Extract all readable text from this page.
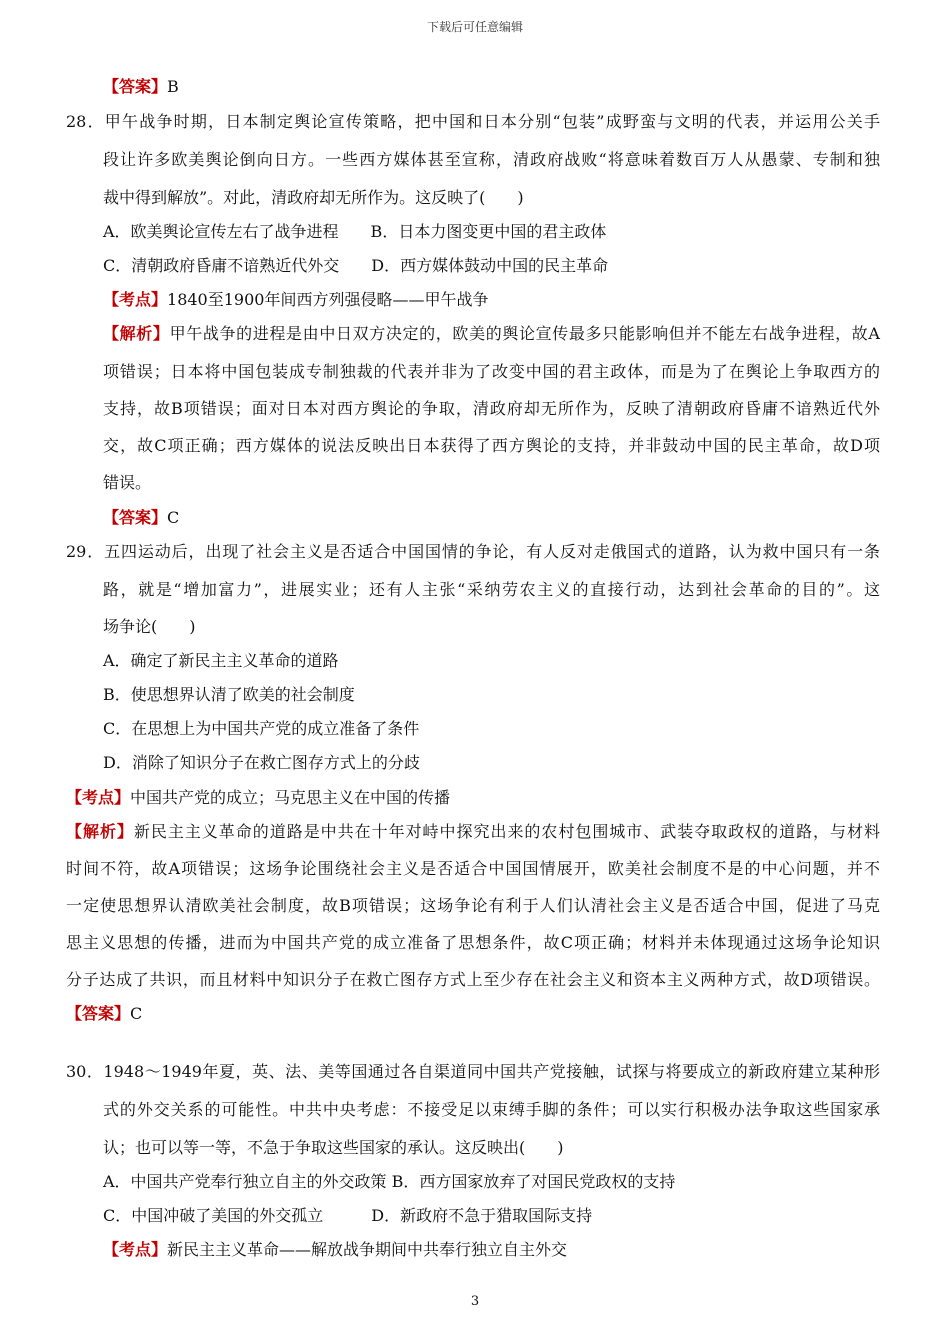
下载后可任意编辑
【答案】B
28．甲午战争时期，日本制定舆论宣传策略，把中国和日本分别“包装”成野蛮与文明的代表，并运用公关手
段让许多欧美舆论倒向日方。一些西方媒体甚至宣称，清政府战败“将意味着数百万人从愚蒙、专制和独
裁中得到解放”。对此，清政府却无所作为。这反映了(　　)
A．欧美舆论宣传左右了战争进程　　B．日本力图变更中国的君主政体
C．清朝政府昏庸不谙熟近代外交　　D．西方媒体鼓动中国的民主革命
【考点】1840至1900年间西方列强侵略——甲午战争
【解析】甲午战争的进程是由中日双方决定的，欧美的舆论宣传最多只能影响但并不能左右战争进程，故A
项错误；日本将中国包装成专制独裁的代表并非为了改变中国的君主政体，而是为了在舆论上争取西方的
支持，故B项错误；面对日本对西方舆论的争取，清政府却无所作为，反映了清朝政府昏庸不谙熟近代外
交，故C项正确；西方媒体的说法反映出日本获得了西方舆论的支持，并非鼓动中国的民主革命，故D项
错误。
【答案】C
29．五四运动后，出现了社会主义是否适合中国国情的争论，有人反对走俄国式的道路，认为救中国只有一条
路，就是“增加富力”，进展实业；还有人主张“采纳劳农主义的直接行动，达到社会革命的目的”。这
场争论(　　)
A．确定了新民主主义革命的道路
B．使思想界认清了欧美的社会制度
C．在思想上为中国共产党的成立准备了条件
D．消除了知识分子在救亡图存方式上的分歧
【考点】中国共产党的成立；马克思主义在中国的传播
【解析】新民主主义革命的道路是中共在十年对峙中探究出来的农村包围城市、武装夺取政权的道路，与材料
时间不符，故A项错误；这场争论围绕社会主义是否适合中国国情展开，欧美社会制度不是的中心问题，并不
一定使思想界认清欧美社会制度，故B项错误；这场争论有利于人们认清社会主义是否适合中国，促进了马克
思主义思想的传播，进而为中国共产党的成立准备了思想条件，故C项正确；材料并未体现通过这场争论知识
分子达成了共识，而且材料中知识分子在救亡图存方式上至少存在社会主义和资本主义两种方式，故D项错误。
【答案】C
30．1948～1949年夏，英、法、美等国通过各自渠道同中国共产党接触，试探与将要成立的新政府建立某种形
式的外交关系的可能性。中共中央考虑：不接受足以束缚手脚的条件；可以实行积极办法争取这些国家承
认；也可以等一等，不急于争取这些国家的承认。这反映出(　　)
A．中国共产党奉行独立自主的外交政策 B．西方国家放弃了对国民党政权的支持
C．中国冲破了美国的外交孤立　　　D．新政府不急于猎取国际支持
【考点】新民主主义革命——解放战争期间中共奉行独立自主外交
3
